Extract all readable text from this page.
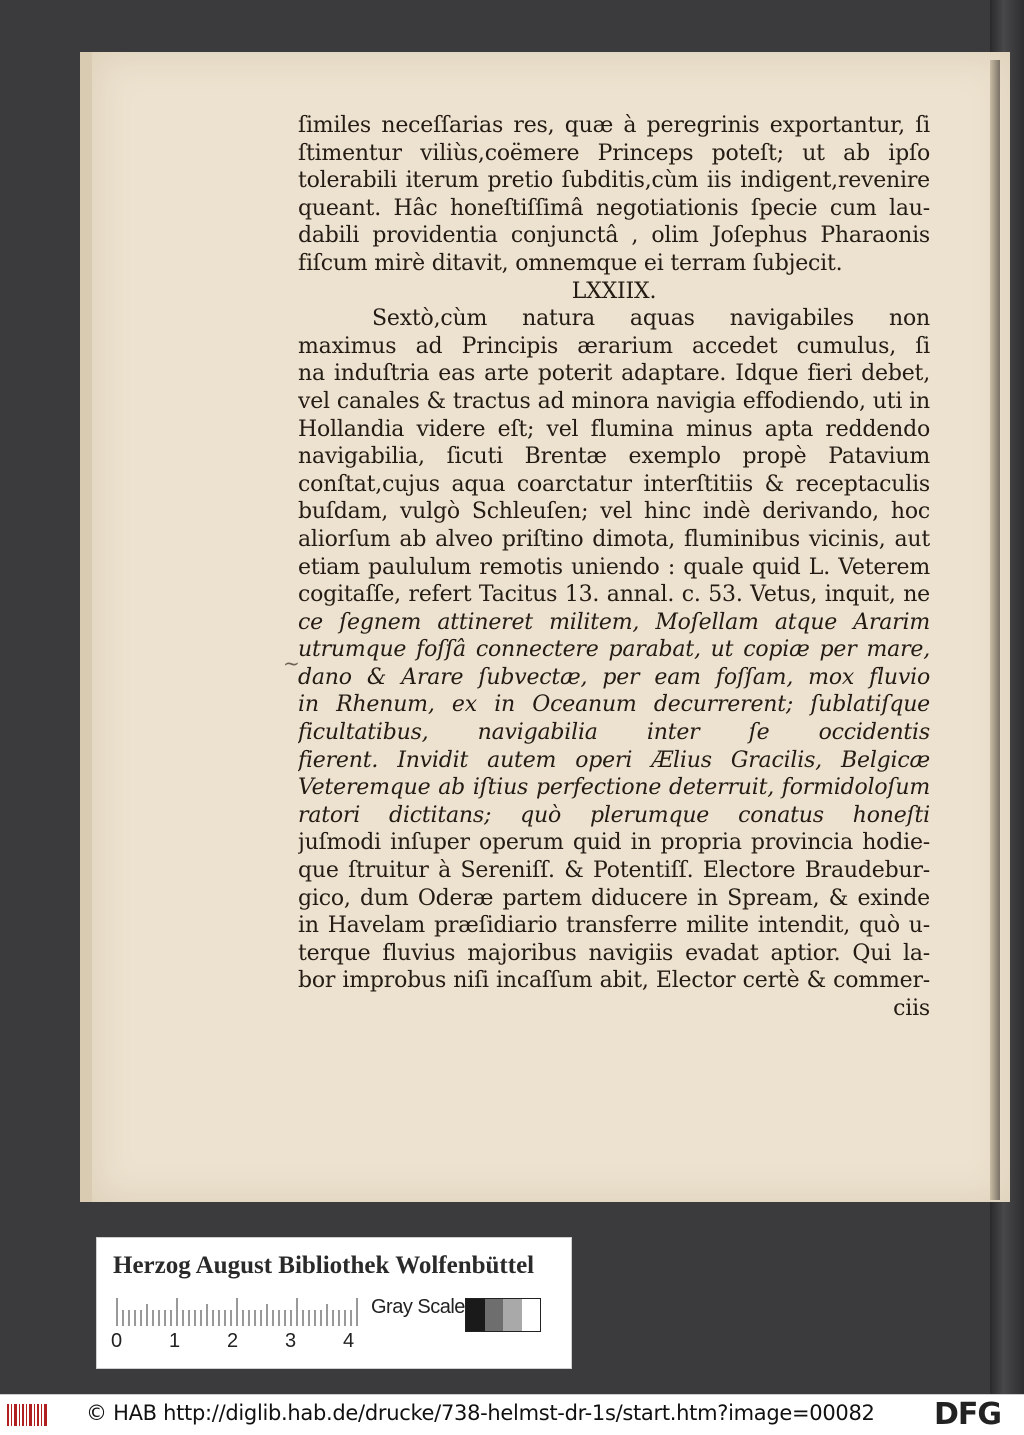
‌ ‌
~
ſimiles neceſſarias res, quæ à peregrinis exportantur, ſi
ſtimentur viliùs,coëmere Princeps poteſt; ut ab ipſo
tolerabili iterum pretio ſubditis,cùm iis indigent,revenire
queant. Hâc honeſtiſſimâ negotiationis ſpecie cum lau-
dabili providentia conjunctâ , olim Joſephus Pharaonis
fiſcum mirè ditavit, omnemque ei terram ſubjecit.
LXXIIX.
Sextò,cùm natura aquas navigabiles non
maximus ad Principis ærarium accedet cumulus, ſi
na induſtria eas arte poterit adaptare. Idque fieri debet,
vel canales & tractus ad minora navigia effodiendo, uti in
Hollandia videre eſt; vel flumina minus apta reddendo
navigabilia, ſicuti Brentæ exemplo propè Patavium
conſtat,cujus aqua coarctatur interſtitiis & receptaculis
buſdam, vulgò Schleuſen; vel hinc indè derivando, hoc
aliorſum ab alveo priſtino dimota, fluminibus vicinis, aut
etiam paululum remotis uniendo : quale quid L. Veterem
cogitaſſe, refert Tacitus 13. annal. c. 53. Vetus, inquit, ne
ce ſegnem attineret militem, Moſellam atque Ararim
utrumque foſſâ connectere parabat, ut copiæ per mare,
dano & Arare ſubvectæ, per eam foſſam, mox fluvio
in Rhenum, ex in Oceanum decurrerent; ſublatiſque
ficultatibus, navigabilia inter ſe occidentis
fierent. Invidit autem operi Ælius Gracilis, Belgicæ
Veteremque ab iſtius perfectione deterruit, formidoloſum
ratori dictitans; quò plerumque conatus honeſti
juſmodi inſuper operum quid in propria provincia hodie-
que ſtruitur à Sereniſſ. & Potentiſſ. Electore Braudebur-
gico, dum Oderæ partem diducere in Spream, & exinde
in Havelam præſidiario transferre milite intendit, quò u-
terque fluvius majoribus navigiis evadat aptior. Qui la-
bor improbus niſi incaſſum abit, Elector certè & commer-
ciis
Herzog August Bibliothek Wolfenbüttel
0 1 2 3 4
Gray Scale
© HAB http://diglib.hab.de/drucke/738-helmst-dr-1s/start.htm?image=00082 DFG
